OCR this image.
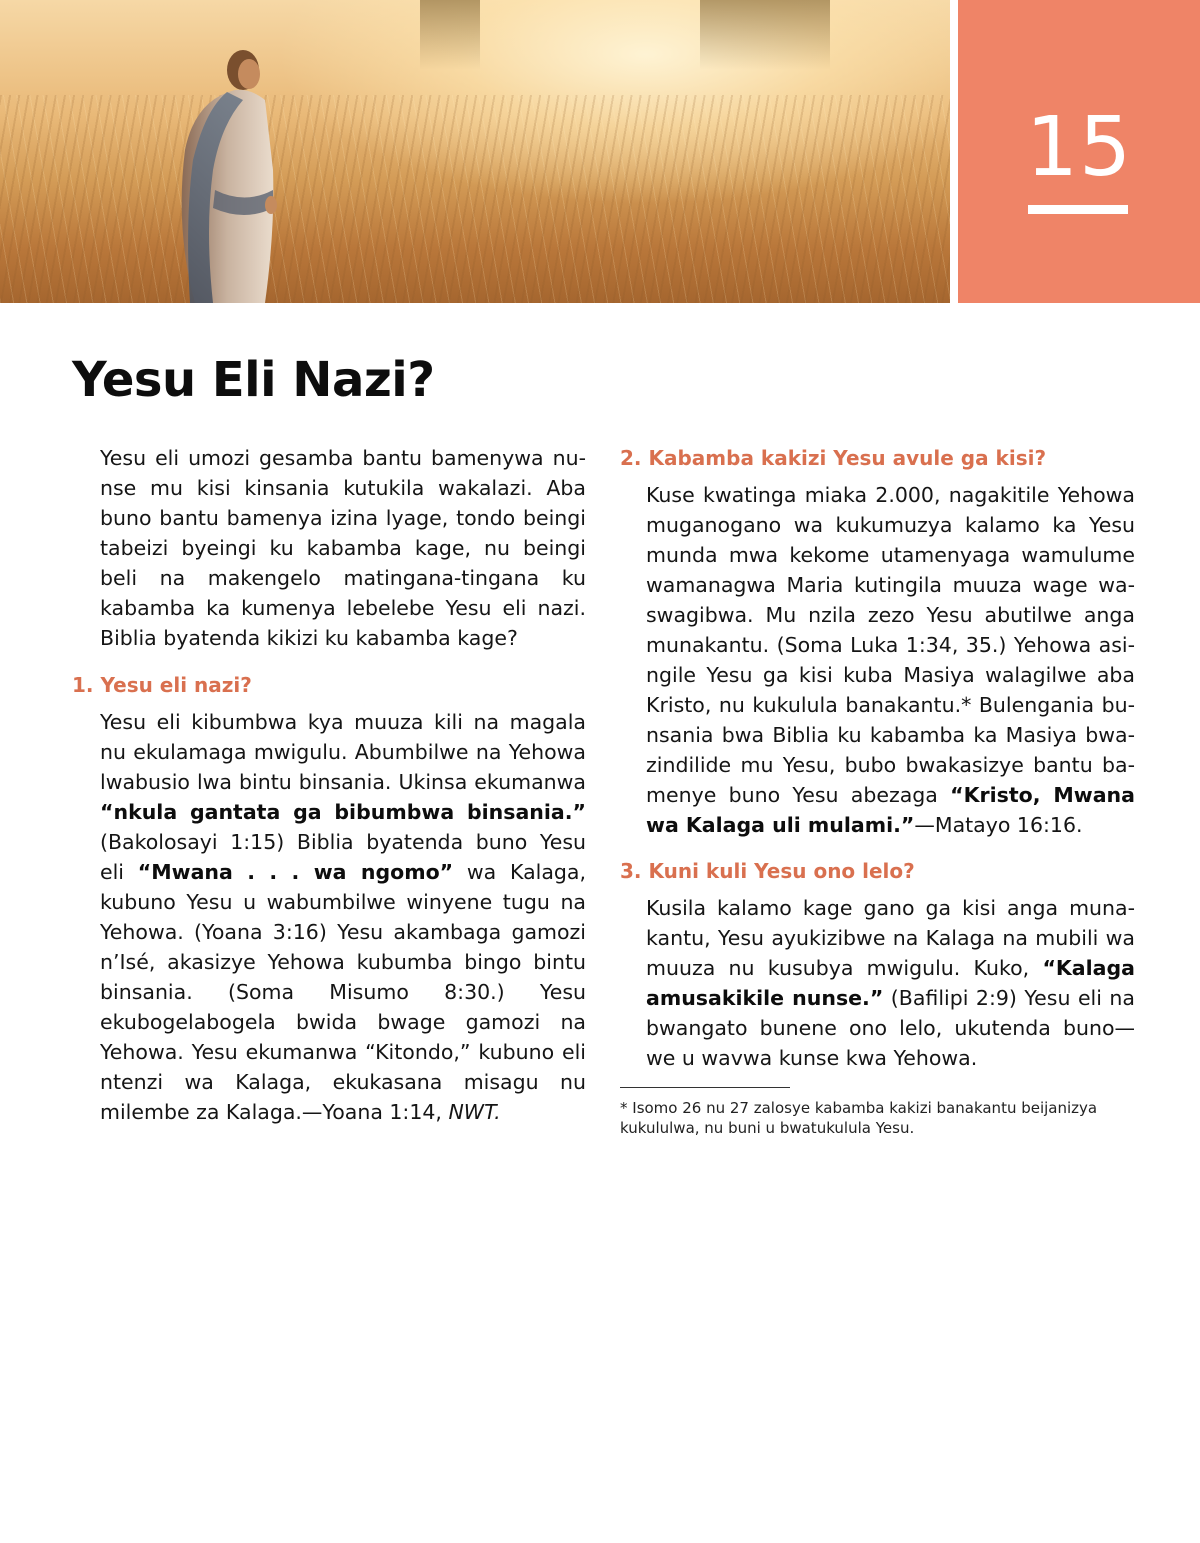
15
Yesu Eli Nazi?

Yesu eli umozi gesamba bantu bamenywa nunse mu kisi kinsania kutukila wakalazi. Aba buno bantu bamenya izina lyage, tondo beingi tabeizi byeingi ku kabamba kage, nu beingi beli na makengelo matingana-tingana ku kabamba ka kumenya lebelebe Yesu eli nazi. Biblia byatenda kikizi ku kabamba kage?

1. Yesu eli nazi?

Yesu eli kibumbwa kya muuza kili na magala nu ekulamaga mwigulu. Abumbilwe na Yehowa lwabusio lwa bintu binsania. Ukinsa ekumanwa “nkula gantata ga bibumbwa binsania.” (Bakolosayi 1:15) Biblia byatenda buno Yesu eli “Mwana . . . wa ngomo” wa Kalaga, kubuno Yesu u wabumbilwe winyene tugu na Yehowa. (Yoana 3:16) Yesu akambaga gamozi n’Isé, akasizye Yehowa kubumba bingo bintu binsania. (Soma Misumo 8:30.) Yesu ekubogelabogela bwida bwage gamozi na Yehowa. Yesu ekumanwa “Kitondo,” kubuno eli ntenzi wa Kalaga, ekukasana misagu nu milembe za Kalaga.—Yoana 1:14, NWT.

2. Kabamba kakizi Yesu avule ga kisi?

Kuse kwatinga miaka 2.000, nagakitile Yehowa muganogano wa kukumuzya kalamo ka Yesu munda mwa kekome utamenyaga wamulume wamanagwa Maria kutingila muuza wage waswagibwa. Mu nzila zezo Yesu abutilwe anga munakantu. (Soma Luka 1:34, 35.) Yehowa asingile Yesu ga kisi kuba Masiya walagilwe aba Kristo, nu kukulula banakantu.* Bulengania bunsania bwa Biblia ku kabamba ka Masiya bwazindilide mu Yesu, bubo bwakasizye bantu bamenye buno Yesu abezaga “Kristo, Mwana wa Kalaga uli mulami.”—Matayo 16:16.

3. Kuni kuli Yesu ono lelo?

Kusila kalamo kage gano ga kisi anga munakantu, Yesu ayukizibwe na Kalaga na mubili wa muuza nu kusubya mwigulu. Kuko, “Kalaga amusakikile nunse.” (Bafilipi 2:9) Yesu eli na bwangato bunene ono lelo, ukutenda buno—we u wavwa kunse kwa Yehowa.

* Isomo 26 nu 27 zalosye kabamba kakizi banakantu beijanizya kukululwa, nu buni u bwatukulula Yesu.
